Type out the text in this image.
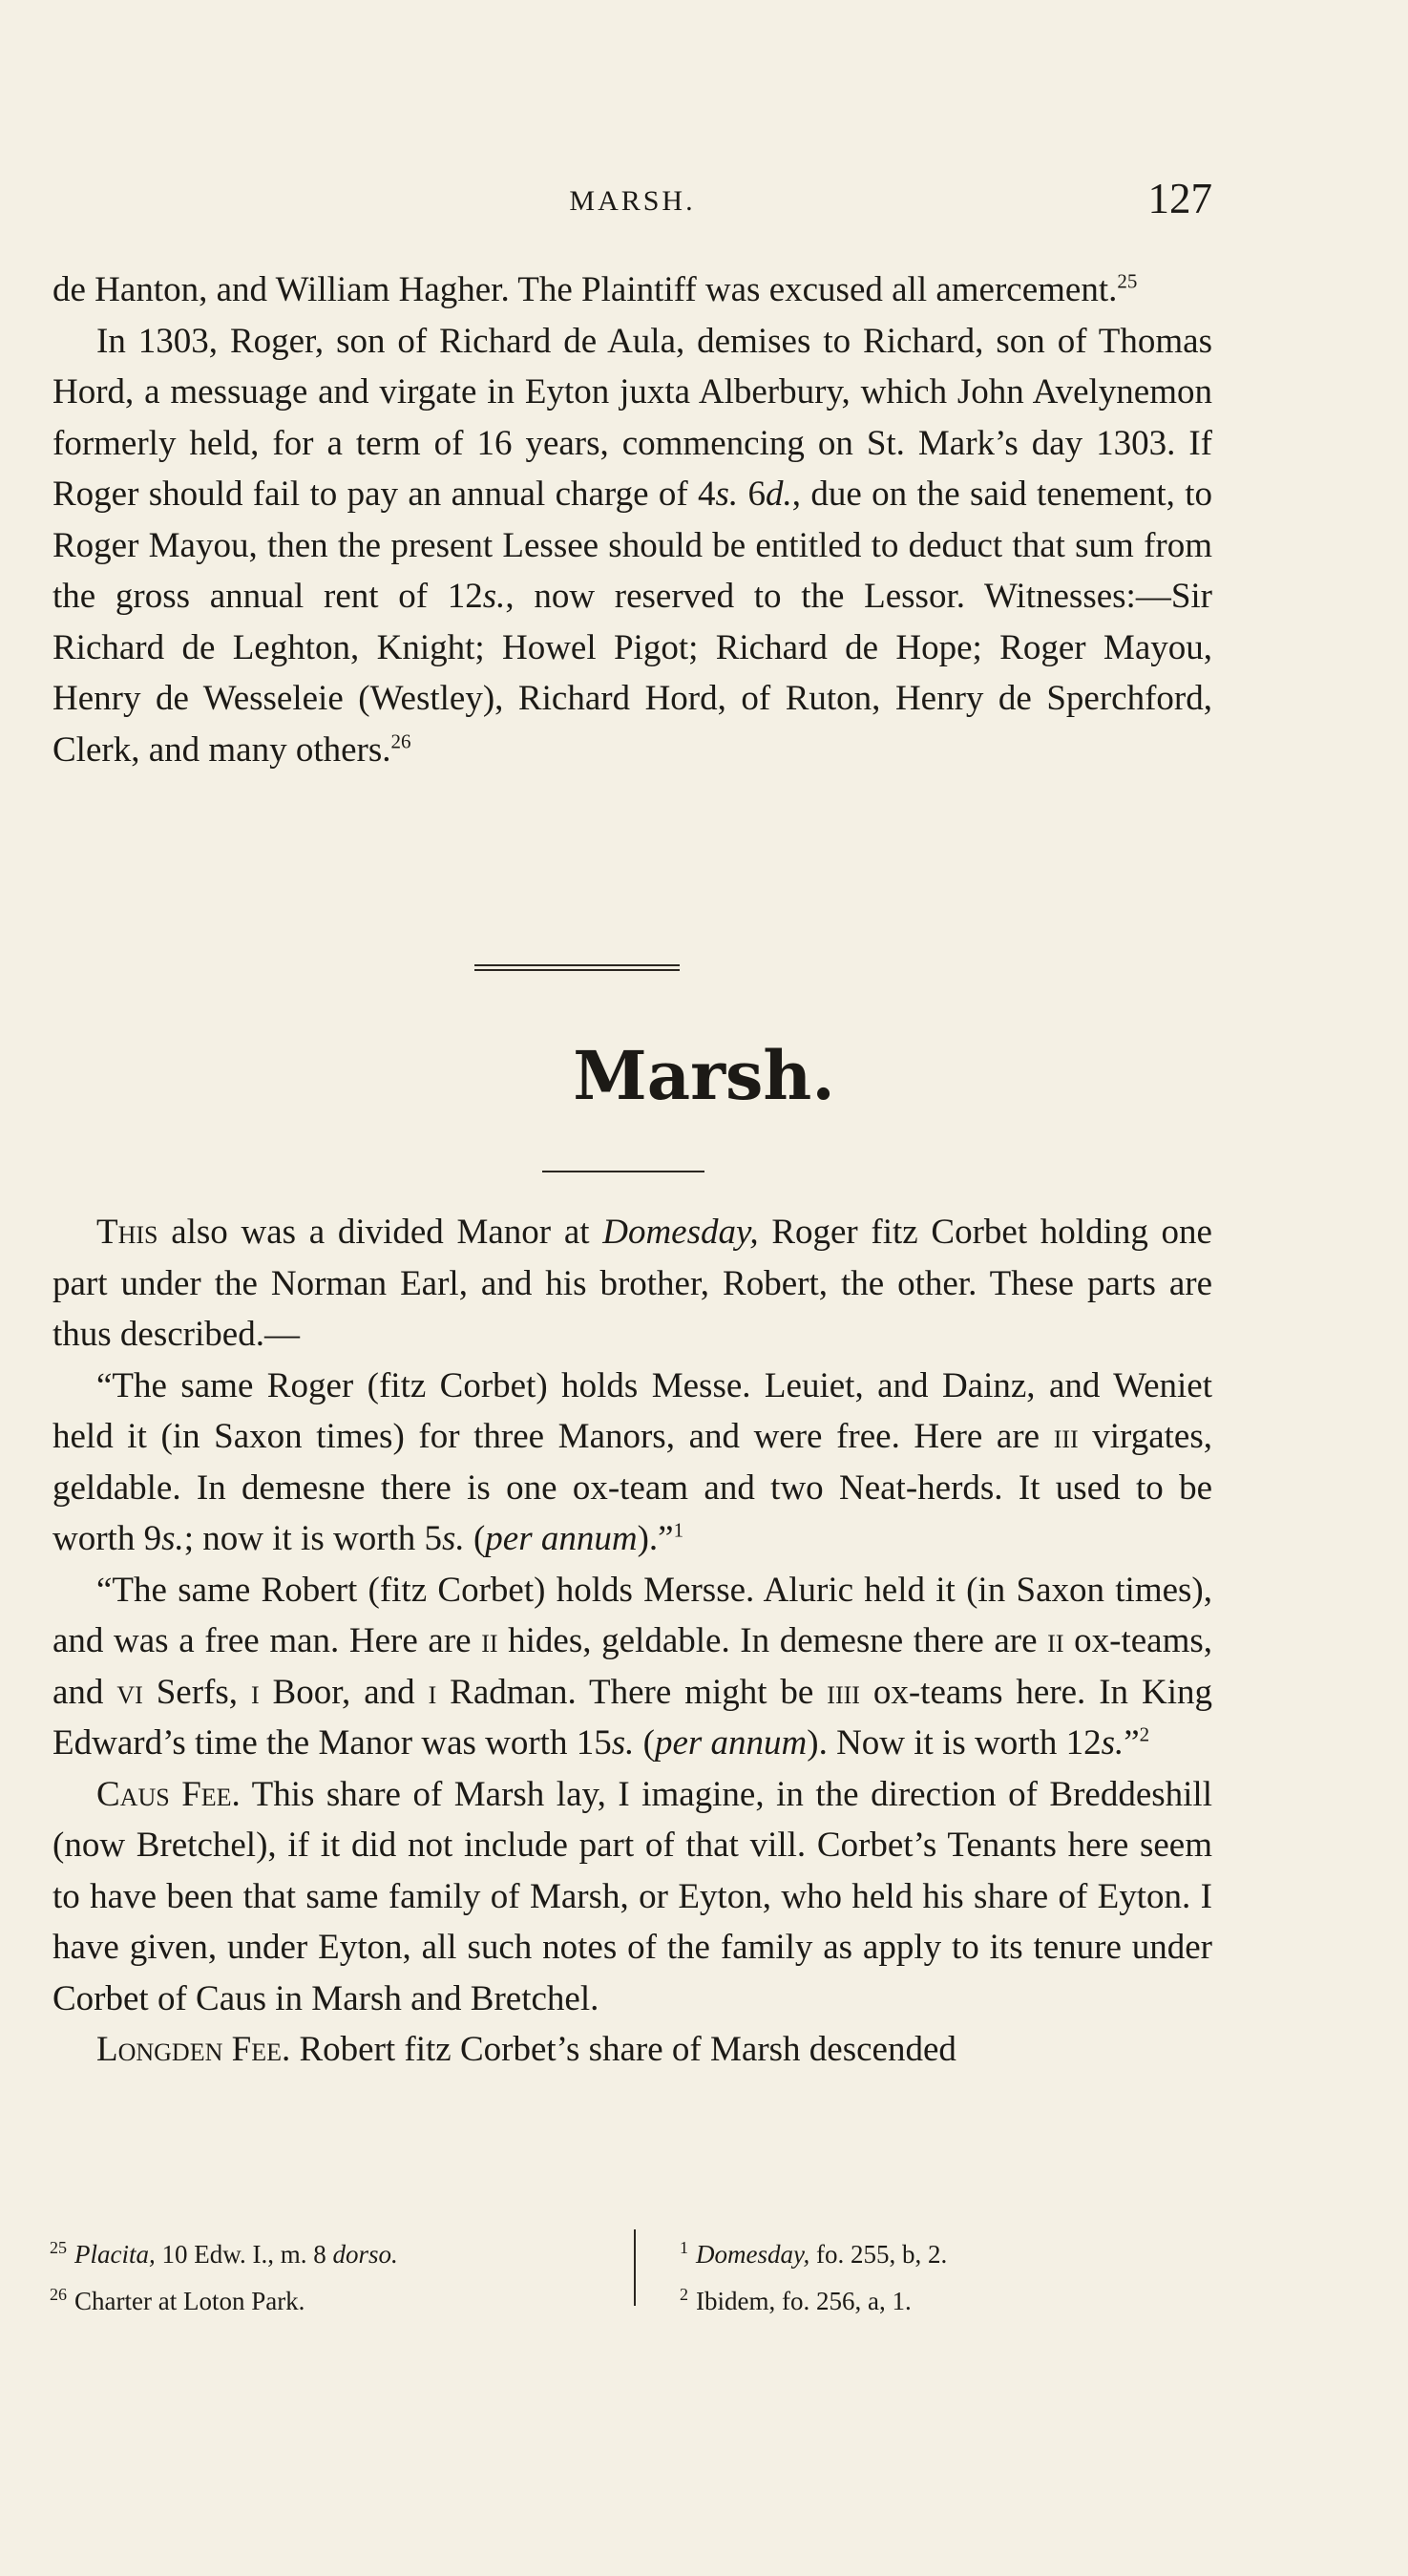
MARSH.	127

de Hanton, and William Hagher. The Plaintiff was excused all amercement.$^{25}$

In 1303, Roger, son of Richard de Aula, demises to Richard, son of Thomas Hord, a messuage and virgate in Eyton juxta Alberbury, which John Avelynemon formerly held, for a term of 16 years, commencing on St. Mark’s day 1303. If Roger should fail to pay an annual charge of 4s. 6d., due on the said tenement, to Roger Mayou, then the present Lessee should be entitled to deduct that sum from the gross annual rent of 12s., now reserved to the Lessor. Witnesses:—Sir Richard de Leghton, Knight; Howel Pigot; Richard de Hope; Roger Mayou, Henry de Wesseleie (Westley), Richard Hord, of Ruton, Henry de Sperchford, Clerk, and many others.$^{26}$

Marsh.

This also was a divided Manor at Domesday, Roger fitz Corbet holding one part under the Norman Earl, and his brother, Robert, the other. These parts are thus described.—

“The same Roger (fitz Corbet) holds Messe. Leuiet, and Dainz, and Weniet held it (in Saxon times) for three Manors, and were free. Here are iii virgates, geldable. In demesne there is one ox-team and two Neat-herds. It used to be worth 9s.; now it is worth 5s. (per annum).”$^1$

“The same Robert (fitz Corbet) holds Mersse. Aluric held it (in Saxon times), and was a free man. Here are ii hides, geldable. In demesne there are ii ox-teams, and vi Serfs, i Boor, and i Radman. There might be iiii ox-teams here. In King Edward’s time the Manor was worth 15s. (per annum). Now it is worth 12s.”$^2$

Caus Fee. This share of Marsh lay, I imagine, in the direction of Breddeshill (now Bretchel), if it did not include part of that vill. Corbet’s Tenants here seem to have been that same family of Marsh, or Eyton, who held his share of Eyton. I have given, under Eyton, all such notes of the family as apply to its tenure under Corbet of Caus in Marsh and Bretchel.

Longden Fee. Robert fitz Corbet’s share of Marsh descended

$^{25}$ Placita, 10 Edw. I., m. 8 dorso.
$^{26}$ Charter at Loton Park.
$^1$ Domesday, fo. 255, b, 2.
$^2$ Ibidem, fo. 256, a, 1.
